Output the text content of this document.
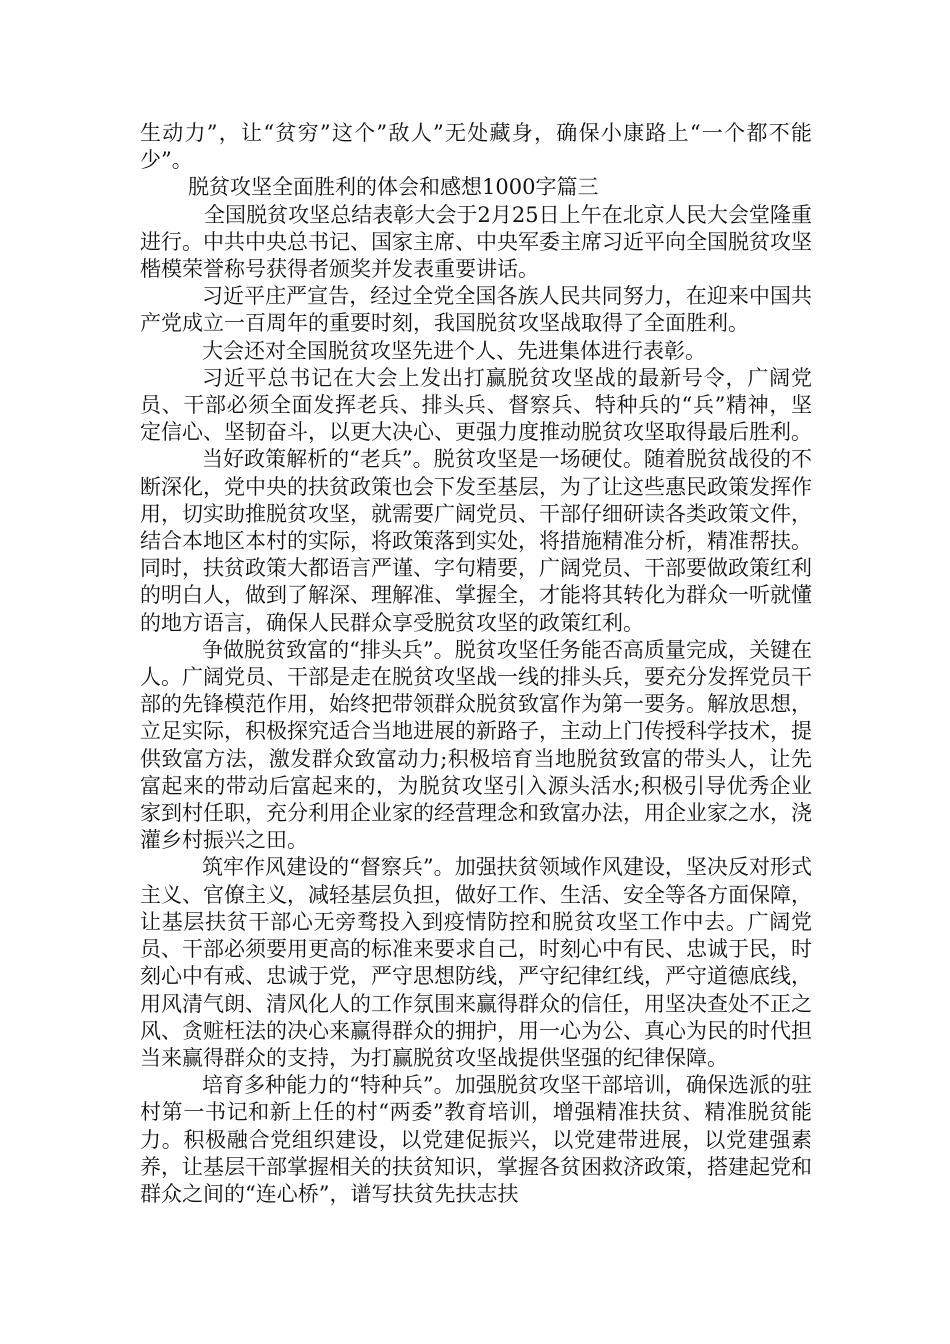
生动力”，让“贫穷”这个”敌人”无处藏身，确保小康路上“一个都不能少”。

脱贫攻坚全面胜利的体会和感想1000字篇三

全国脱贫攻坚总结表彰大会于2月25日上午在北京人民大会堂隆重进行。中共中央总书记、国家主席、中央军委主席习近平向全国脱贫攻坚楷模荣誉称号获得者颁奖并发表重要讲话。

习近平庄严宣告，经过全党全国各族人民共同努力，在迎来中国共产党成立一百周年的重要时刻，我国脱贫攻坚战取得了全面胜利。

大会还对全国脱贫攻坚先进个人、先进集体进行表彰。

习近平总书记在大会上发出打赢脱贫攻坚战的最新号令，广阔党员、干部必须全面发挥老兵、排头兵、督察兵、特种兵的“兵”精神，坚定信心、坚韧奋斗，以更大决心、更强力度推动脱贫攻坚取得最后胜利。

当好政策解析的“老兵”。脱贫攻坚是一场硬仗。随着脱贫战役的不断深化，党中央的扶贫政策也会下发至基层，为了让这些惠民政策发挥作用，切实助推脱贫攻坚，就需要广阔党员、干部仔细研读各类政策文件，结合本地区本村的实际，将政策落到实处，将措施精准分析，精准帮扶。同时，扶贫政策大都语言严谨、字句精要，广阔党员、干部要做政策红利的明白人，做到了解深、理解准、掌握全，才能将其转化为群众一听就懂的地方语言，确保人民群众享受脱贫攻坚的政策红利。

争做脱贫致富的“排头兵”。脱贫攻坚任务能否高质量完成，关键在人。广阔党员、干部是走在脱贫攻坚战一线的排头兵，要充分发挥党员干部的先锋模范作用，始终把带领群众脱贫致富作为第一要务。解放思想，立足实际，积极探究适合当地进展的新路子，主动上门传授科学技术，提供致富方法，激发群众致富动力;积极培育当地脱贫致富的带头人，让先富起来的带动后富起来的，为脱贫攻坚引入源头活水;积极引导优秀企业家到村任职，充分利用企业家的经营理念和致富办法，用企业家之水，浇灌乡村振兴之田。

筑牢作风建设的“督察兵”。加强扶贫领域作风建设，坚决反对形式主义、官僚主义，减轻基层负担，做好工作、生活、安全等各方面保障，让基层扶贫干部心无旁骛投入到疫情防控和脱贫攻坚工作中去。广阔党员、干部必须要用更高的标准来要求自己，时刻心中有民、忠诚于民，时刻心中有戒、忠诚于党，严守思想防线，严守纪律红线，严守道德底线，用风清气朗、清风化人的工作氛围来赢得群众的信任，用坚决查处不正之风、贪赃枉法的决心来赢得群众的拥护，用一心为公、真心为民的时代担当来赢得群众的支持，为打赢脱贫攻坚战提供坚强的纪律保障。

培育多种能力的“特种兵”。加强脱贫攻坚干部培训，确保选派的驻村第一书记和新上任的村“两委”教育培训，增强精准扶贫、精准脱贫能力。积极融合党组织建设，以党建促振兴，以党建带进展，以党建强素养，让基层干部掌握相关的扶贫知识，掌握各贫困救济政策，搭建起党和群众之间的“连心桥”，谱写扶贫先扶志扶
